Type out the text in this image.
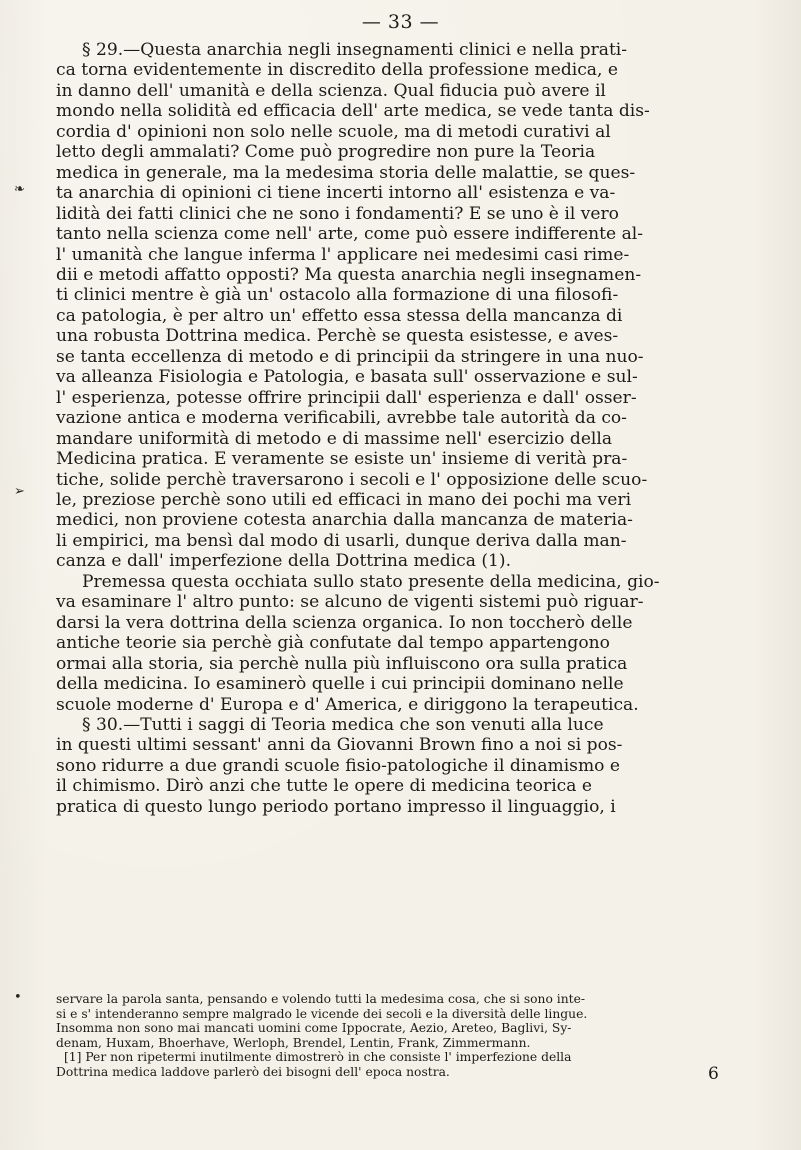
— 33 —
❧
➢
•
§ 29.—Questa anarchia negli insegnamenti clinici e nella prati-
ca torna evidentemente in discredito della professione medica, e
in danno dell' umanità e della scienza. Qual fiducia può avere il
mondo nella solidità ed efficacia dell' arte medica, se vede tanta dis-
cordia d' opinioni non solo nelle scuole, ma di metodi curativi al
letto degli ammalati? Come può progredire non pure la Teoria
medica in generale, ma la medesima storia delle malattie, se ques-
ta anarchia di opinioni ci tiene incerti intorno all' esistenza e va-
lidità dei fatti clinici che ne sono i fondamenti? E se uno è il vero
tanto nella scienza come nell' arte, come può essere indifferente al-
l' umanità che langue inferma l' applicare nei medesimi casi rime-
dii e metodi affatto opposti? Ma questa anarchia negli insegnamen-
ti clinici mentre è già un' ostacolo alla formazione di una filosofi-
ca patologia, è per altro un' effetto essa stessa della mancanza di
una robusta Dottrina medica. Perchè se questa esistesse, e aves-
se tanta eccellenza di metodo e di principii da stringere in una nuo-
va alleanza Fisiologia e Patologia, e basata sull' osservazione e sul-
l' esperienza, potesse offrire principii dall' esperienza e dall' osser-
vazione antica e moderna verificabili, avrebbe tale autorità da co-
mandare uniformità di metodo e di massime nell' esercizio della
Medicina pratica. E veramente se esiste un' insieme di verità pra-
tiche, solide perchè traversarono i secoli e l' opposizione delle scuo-
le, preziose perchè sono utili ed efficaci in mano dei pochi ma veri
medici, non proviene cotesta anarchia dalla mancanza de materia-
li empirici, ma bensì dal modo di usarli, dunque deriva dalla man-
canza e dall' imperfezione della Dottrina medica (1).
Premessa questa occhiata sullo stato presente della medicina, gio-
va esaminare l' altro punto: se alcuno de vigenti sistemi può riguar-
darsi la vera dottrina della scienza organica. Io non toccherò delle
antiche teorie sia perchè già confutate dal tempo appartengono
ormai alla storia, sia perchè nulla più influiscono ora sulla pratica
della medicina. Io esaminerò quelle i cui principii dominano nelle
scuole moderne d' Europa e d' America, e diriggono la terapeutica.
§ 30.—Tutti i saggi di Teoria medica che son venuti alla luce
in questi ultimi sessant' anni da Giovanni Brown fino a noi si pos-
sono ridurre a due grandi scuole fisio-patologiche il dinamismo e
il chimismo. Dirò anzi che tutte le opere di medicina teorica e
pratica di questo lungo periodo portano impresso il linguaggio, i
servare la parola santa, pensando e volendo tutti la medesima cosa, che si sono inte-
si e s' intenderanno sempre malgrado le vicende dei secoli e la diversità delle lingue.
Insomma non sono mai mancati uomini come Ippocrate, Aezio, Areteo, Baglivi, Sy-
denam, Huxam, Bhoerhave, Werloph, Brendel, Lentin, Frank, Zimmermann.
[1] Per non ripetermi inutilmente dimostrerò in che consiste l' imperfezione della
Dottrina medica laddove parlerò dei bisogni dell' epoca nostra.	6
